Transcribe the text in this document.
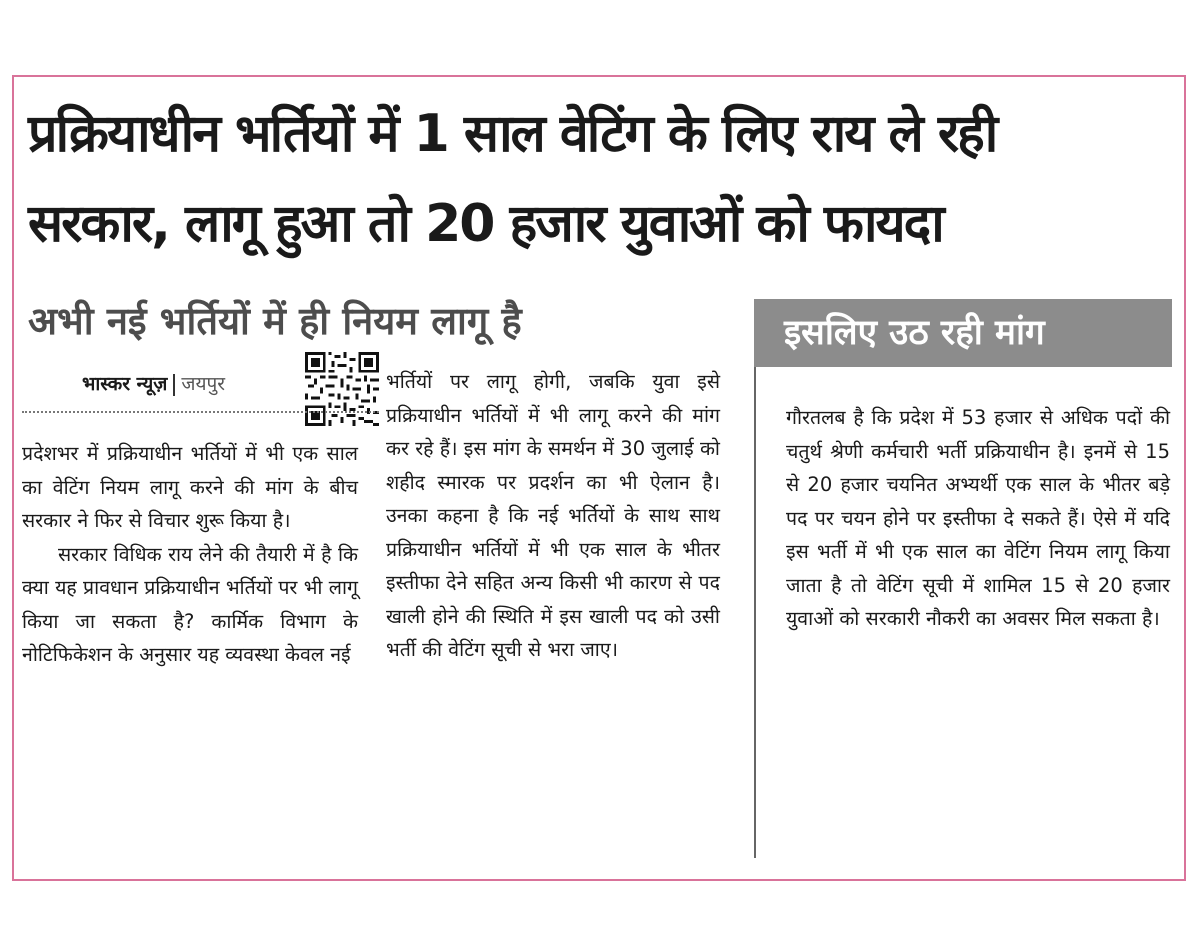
प्रक्रियाधीन भर्तियों में 1 साल वेटिंग के लिए राय ले रही
सरकार, लागू हुआ तो 20 हजार युवाओं को फायदा
अभी नई भर्तियों में ही नियम लागू है
भास्कर न्यूज़ जयपुर

प्रदेशभर में प्रक्रियाधीन भर्तियों में भी एक साल का वेटिंग नियम लागू करने की मांग के बीच सरकार ने फिर से विचार शुरू किया है।

सरकार विधिक राय लेने की तैयारी में है कि क्या यह प्रावधान प्रक्रियाधीन भर्तियों पर भी लागू किया जा सकता है? कार्मिक विभाग के नोटिफिकेशन के अनुसार यह व्यवस्था केवल नई

भर्तियों पर लागू होगी, जबकि युवा इसे प्रक्रियाधीन भर्तियों में भी लागू करने की मांग कर रहे हैं। इस मांग के समर्थन में 30 जुलाई को शहीद स्मारक पर प्रदर्शन का भी ऐलान है। उनका कहना है कि नई भर्तियों के साथ साथ प्रक्रियाधीन भर्तियों में भी एक साल के भीतर इस्तीफा देने सहित अन्य किसी भी कारण से पद खाली होने की स्थिति में इस खाली पद को उसी भर्ती की वेटिंग सूची से भरा जाए।

इसलिए उठ रही मांग

गौरतलब है कि प्रदेश में 53 हजार से अधिक पदों की चतुर्थ श्रेणी कर्मचारी भर्ती प्रक्रियाधीन है। इनमें से 15 से 20 हजार चयनित अभ्यर्थी एक साल के भीतर बड़े पद पर चयन होने पर इस्तीफा दे सकते हैं। ऐसे में यदि इस भर्ती में भी एक साल का वेटिंग नियम लागू किया जाता है तो वेटिंग सूची में शामिल 15 से 20 हजार युवाओं को सरकारी नौकरी का अवसर मिल सकता है।
